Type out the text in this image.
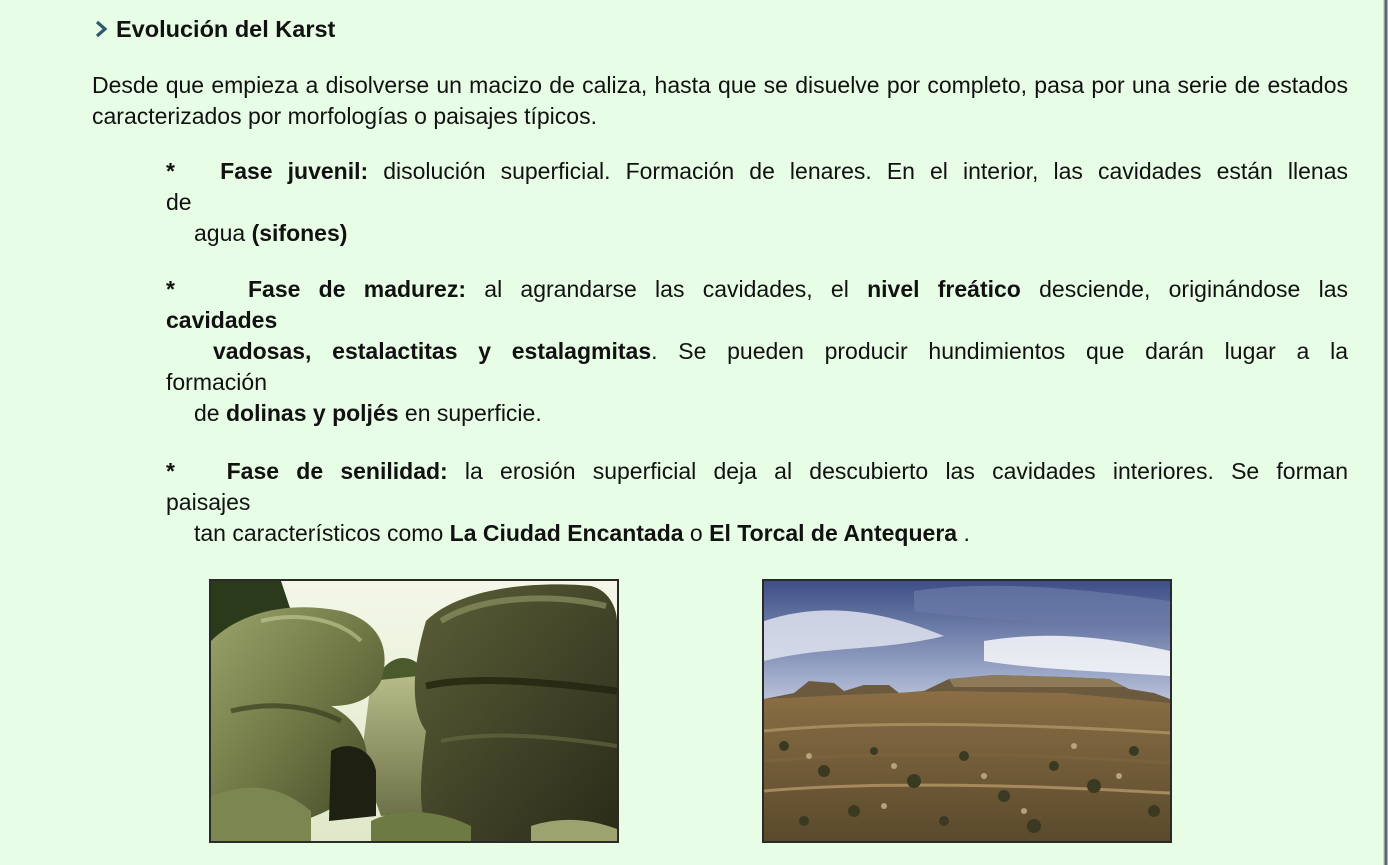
Evolución del Karst

Desde que empieza a disolverse un macizo de caliza, hasta que se disuelve por completo, pasa por una serie de estados caracterizados por morfologías o paisajes típicos.

* Fase juvenil: disolución superficial. Formación de lenares. En el interior, las cavidades están llenas
de
agua (sifones)
*	Fase de madurez: al agrandarse las cavidades, el nivel freático desciende, originándose las
cavidades
vadosas, estalactitas y estalagmitas. Se pueden producir hundimientos que darán lugar a la
formación
de dolinas y poljés en superficie.
* Fase de senilidad: la erosión superficial deja al descubierto las cavidades interiores. Se forman
paisajes
tan característicos como La Ciudad Encantada o El Torcal de Antequera .
